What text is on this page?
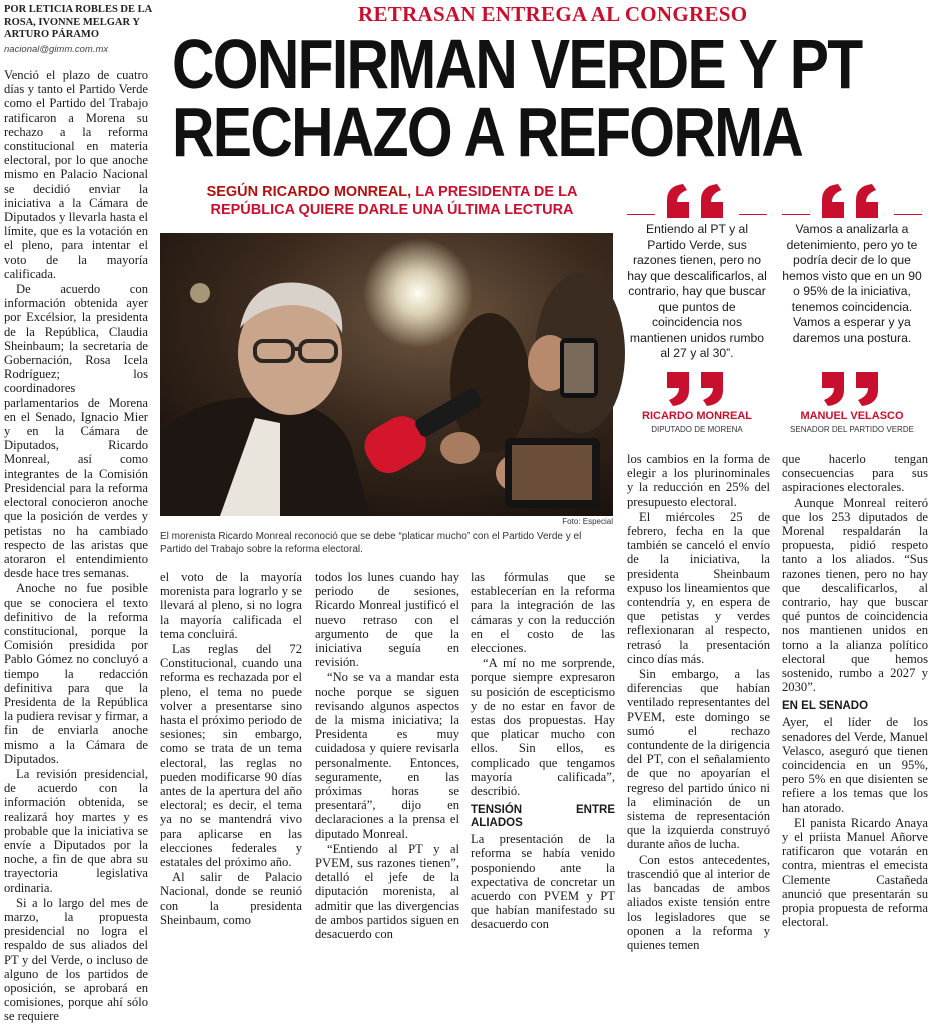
POR LETICIA ROBLES DE LA ROSA, IVONNE MELGAR Y ARTURO PÁRAMO
nacional@gimm.com.mx
RETRASAN ENTREGA AL CONGRESO
CONFIRMAN VERDE Y PT
RECHAZO A REFORMA
SEGÚN RICARDO MONREAL, LA PRESIDENTA DE LA REPÚBLICA QUIERE DARLE UNA ÚLTIMA LECTURA
Foto: Especial
El morenista Ricardo Monreal reconoció que se debe “platicar mucho” con el Partido Verde y el Partido del Trabajo sobre la reforma electoral.
Entiendo al PT y al Partido Verde, sus razones tienen, pero no hay que descalificarlos, al contrario, hay que buscar que puntos de coincidencia nos mantienen unidos rumbo al 27 y al 30”.
RICARDO MONREAL
DIPUTADO DE MORENA
Vamos a analizarla a detenimiento, pero yo te podría decir de lo que hemos visto que en un 90 o 95% de la iniciativa, tenemos coincidencia. Vamos a esperar y ya daremos una postura.
MANUEL VELASCO
SENADOR DEL PARTIDO VERDE

Venció el plazo de cuatro días y tanto el Partido Verde como el Partido del Trabajo ratificaron a Morena su rechazo a la reforma constitucional en materia electoral, por lo que anoche mismo en Palacio Nacional se decidió enviar la iniciativa a la Cámara de Diputados y llevarla hasta el límite, que es la votación en el pleno, para intentar el voto de la mayoría calificada.

De acuerdo con información obtenida ayer por Excélsior, la presidenta de la República, Claudia Sheinbaum; la secretaria de Gobernación, Rosa Icela Rodríguez; los coordinadores parlamentarios de Morena en el Senado, Ignacio Mier y en la Cámara de Diputados, Ricardo Monreal, así como integrantes de la Comisión Presidencial para la reforma electoral conocieron anoche que la posición de verdes y petistas no ha cambiado respecto de las aristas que atoraron el entendimiento desde hace tres semanas.

Anoche no fue posible que se conociera el texto definitivo de la reforma constitucional, porque la Comisión presidida por Pablo Gómez no concluyó a tiempo la redacción definitiva para que la Presidenta de la República la pudiera revisar y firmar, a fin de enviarla anoche mismo a la Cámara de Diputados.

La revisión presidencial, de acuerdo con la información obtenida, se realizará hoy martes y es probable que la iniciativa se envíe a Diputados por la noche, a fin de que abra su trayectoria legislativa ordinaria.

Si a lo largo del mes de marzo, la propuesta presidencial no logra el respaldo de sus aliados del PT y del Verde, o incluso de alguno de los partidos de oposición, se aprobará en comisiones, porque ahí sólo se requiere

el voto de la mayoría morenista para lograrlo y se llevará al pleno, si no logra la mayoría calificada el tema concluirá.

Las reglas del 72 Constitucional, cuando una reforma es rechazada por el pleno, el tema no puede volver a presentarse sino hasta el próximo periodo de sesiones; sin embargo, como se trata de un tema electoral, las reglas no pueden modificarse 90 días antes de la apertura del año electoral; es decir, el tema ya no se mantendrá vivo para aplicarse en las elecciones federales y estatales del próximo año.

Al salir de Palacio Nacional, donde se reunió con la presidenta Sheinbaum, como

todos los lunes cuando hay periodo de sesiones, Ricardo Monreal justificó el nuevo retraso con el argumento de que la iniciativa seguía en revisión.

“No se va a mandar esta noche porque se siguen revisando algunos aspectos de la misma iniciativa; la Presidenta es muy cuidadosa y quiere revisarla personalmente. Entonces, seguramente, en las próximas horas se presentará”, dijo en declaraciones a la prensa el diputado Monreal.

“Entiendo al PT y al PVEM, sus razones tienen”, detalló el jefe de la diputación morenista, al admitir que las divergencias de ambos partidos siguen en desacuerdo con

las fórmulas que se establecerían en la reforma para la integración de las cámaras y con la reducción en el costo de las elecciones.

“A mí no me sorprende, porque siempre expresaron su posición de escepticismo y de no estar en favor de estas dos propuestas. Hay que platicar mucho con ellos. Sin ellos, es complicado que tengamos mayoría calificada”, describió.

TENSIÓN ENTRE ALIADOS

La presentación de la reforma se había venido posponiendo ante la expectativa de concretar un acuerdo con PVEM y PT que habían manifestado su desacuerdo con

los cambios en la forma de elegir a los plurinominales y la reducción en 25% del presupuesto electoral.

El miércoles 25 de febrero, fecha en la que también se canceló el envío de la iniciativa, la presidenta Sheinbaum expuso los lineamientos que contendría y, en espera de que petistas y verdes reflexionaran al respecto, retrasó la presentación cinco días más.

Sin embargo, a las diferencias que habían ventilado representantes del PVEM, este domingo se sumó el rechazo contundente de la dirigencia del PT, con el señalamiento de que no apoyarían el regreso del partido único ni la eliminación de un sistema de representación que la izquierda construyó durante años de lucha.

Con estos antecedentes, trascendió que al interior de las bancadas de ambos aliados existe tensión entre los legisladores que se oponen a la reforma y quienes temen

que hacerlo tengan consecuencias para sus aspiraciones electorales.

Aunque Monreal reiteró que los 253 diputados de Morenal respaldarán la propuesta, pidió respeto tanto a los aliados. “Sus razones tienen, pero no hay que descalificarlos, al contrario, hay que buscar qué puntos de coincidencia nos mantienen unidos en torno a la alianza político electoral que hemos sostenido, rumbo a 2027 y 2030”.

EN EL SENADO

Ayer, el líder de los senadores del Verde, Manuel Velasco, aseguró que tienen coincidencia en un 95%, pero 5% en que disienten se refiere a los temas que los han atorado.

El panista Ricardo Anaya y el priista Manuel Añorve ratificaron que votarán en contra, mientras el emecista Clemente Castañeda anunció que presentarán su propia propuesta de reforma electoral.
